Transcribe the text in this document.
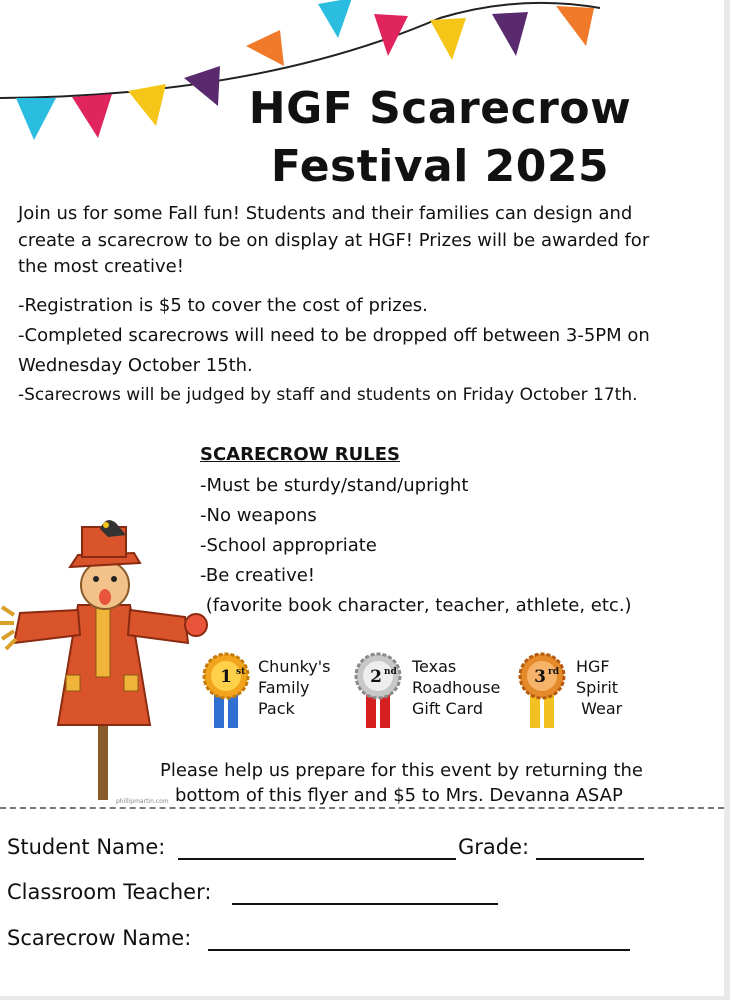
HGF Scarecrow
Festival 2025
Join us for some Fall fun! Students and their families can design and
create a scarecrow to be on display at HGF! Prizes will be awarded for
the most creative!
-Registration is $5 to cover the cost of prizes.
-Completed scarecrows will need to be dropped off between 3-5PM on
Wednesday October 15th.
-Scarecrows will be judged by staff and students on Friday October 17th.
SCARECROW RULES
-Must be sturdy/stand/upright
-No weapons
-School appropriate
-Be creative!
(favorite book character, teacher, athlete, etc.)
phillipmartin.com
1 st Chunky's
Family
Pack
2 nd Texas
Roadhouse
Gift Card
3 rd HGF
Spirit
Wear
Please help us prepare for this event by returning the
bottom of this flyer and $5 to Mrs. Devanna ASAP
Student Name:	Grade:
Classroom Teacher:
Scarecrow Name:
